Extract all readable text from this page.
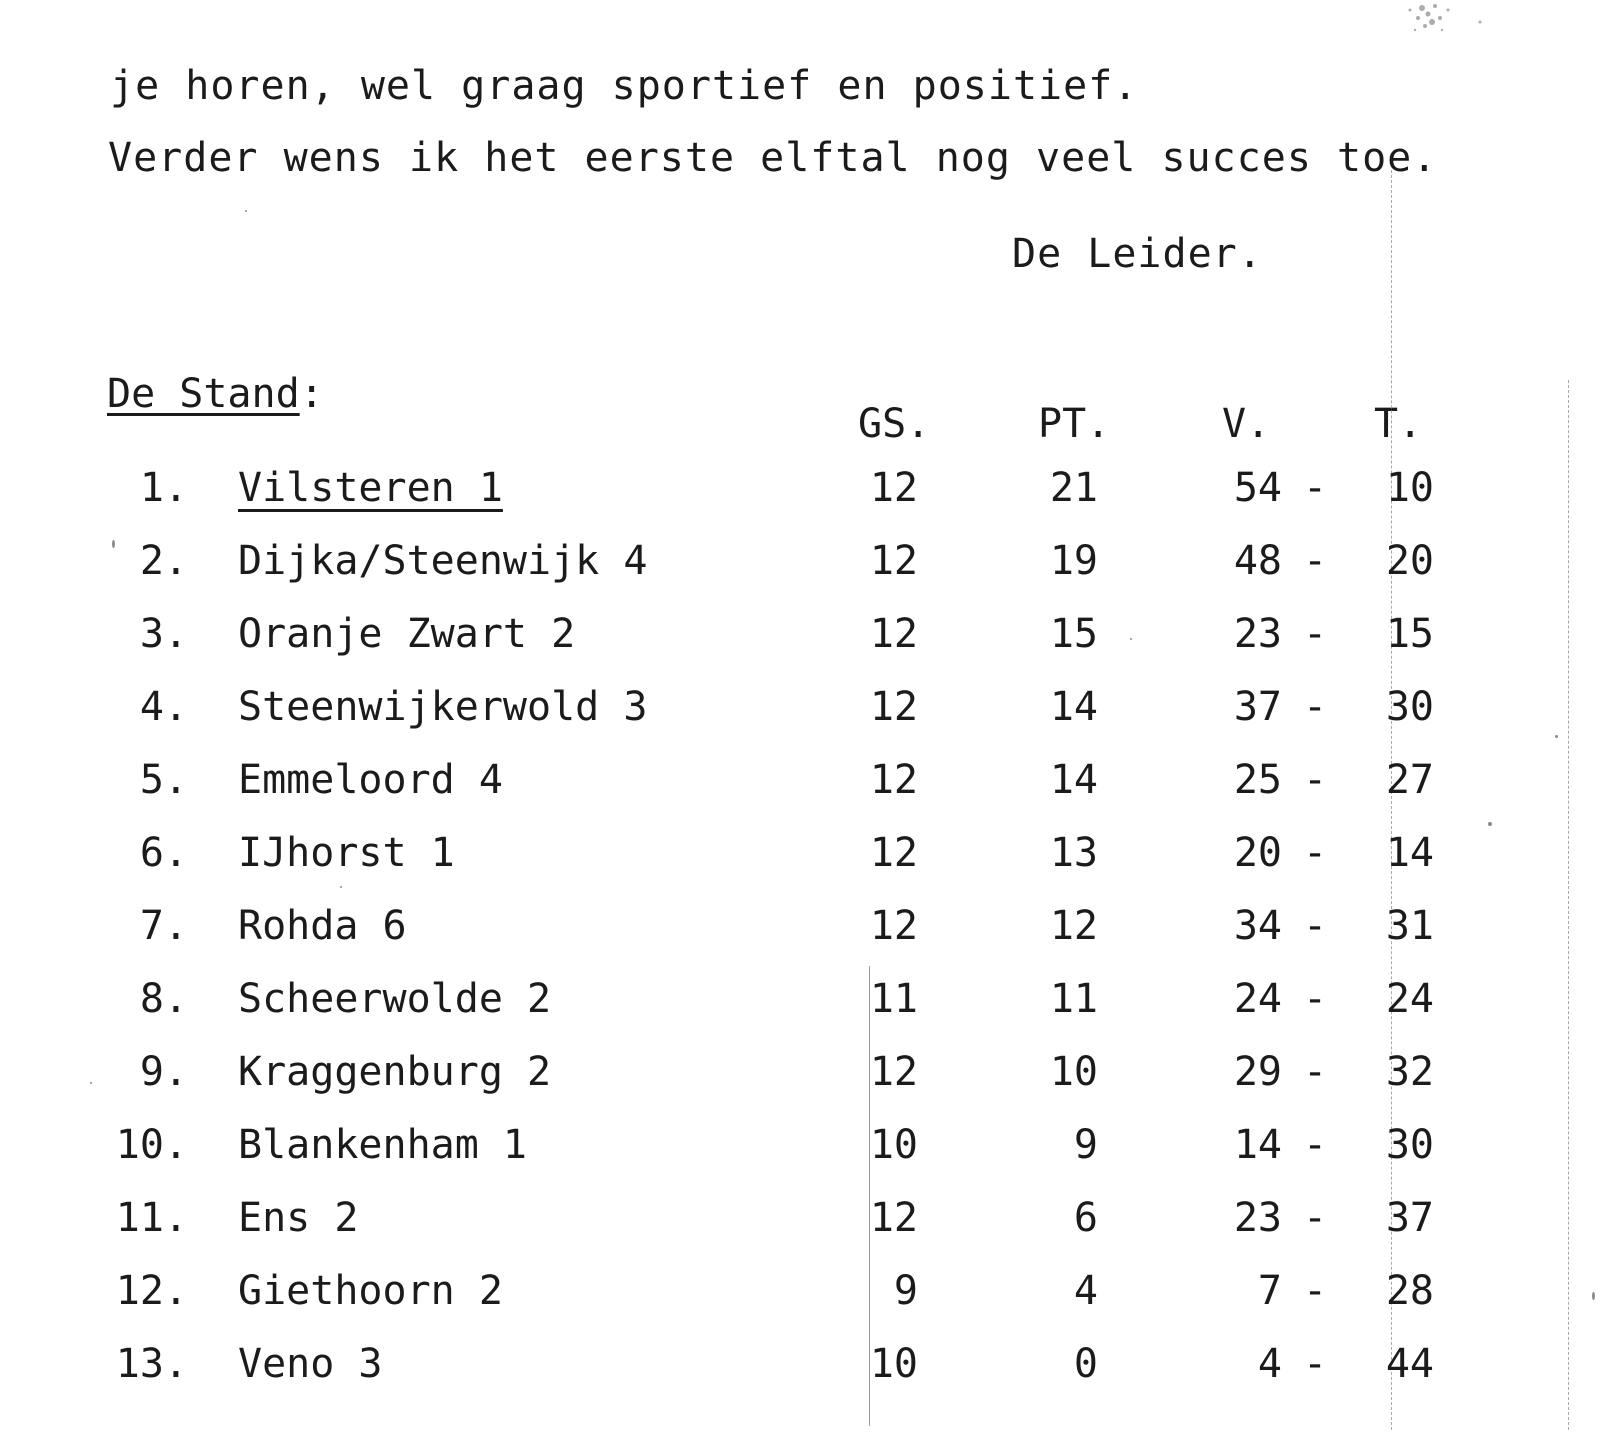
je horen, wel graag sportief en positief.
Verder wens ik het eerste elftal nog veel succes toe.
De Leider.
De Stand:
GS.	PT.	V.	T.
1. Vilsteren 1	12	21	54 -	10
2. Dijka/Steenwijk 4	12	19	48 -	20
3. Oranje Zwart 2	12	15	23 -	15
4. Steenwijkerwold 3	12	14	37 -	30
5. Emmeloord 4	12	14	25 -	27
6. IJhorst 1	12	13	20 -	14
7. Rohda 6	12	12	34 -	31
8. Scheerwolde 2	11	11	24 -	24
9. Kraggenburg 2	12	10	29 -	32
10. Blankenham 1	10	9	14 -	30
11. Ens 2	12	6	23 -	37
12. Giethoorn 2	9	4	7 -	28
13. Veno 3	10	0	4 -	44
